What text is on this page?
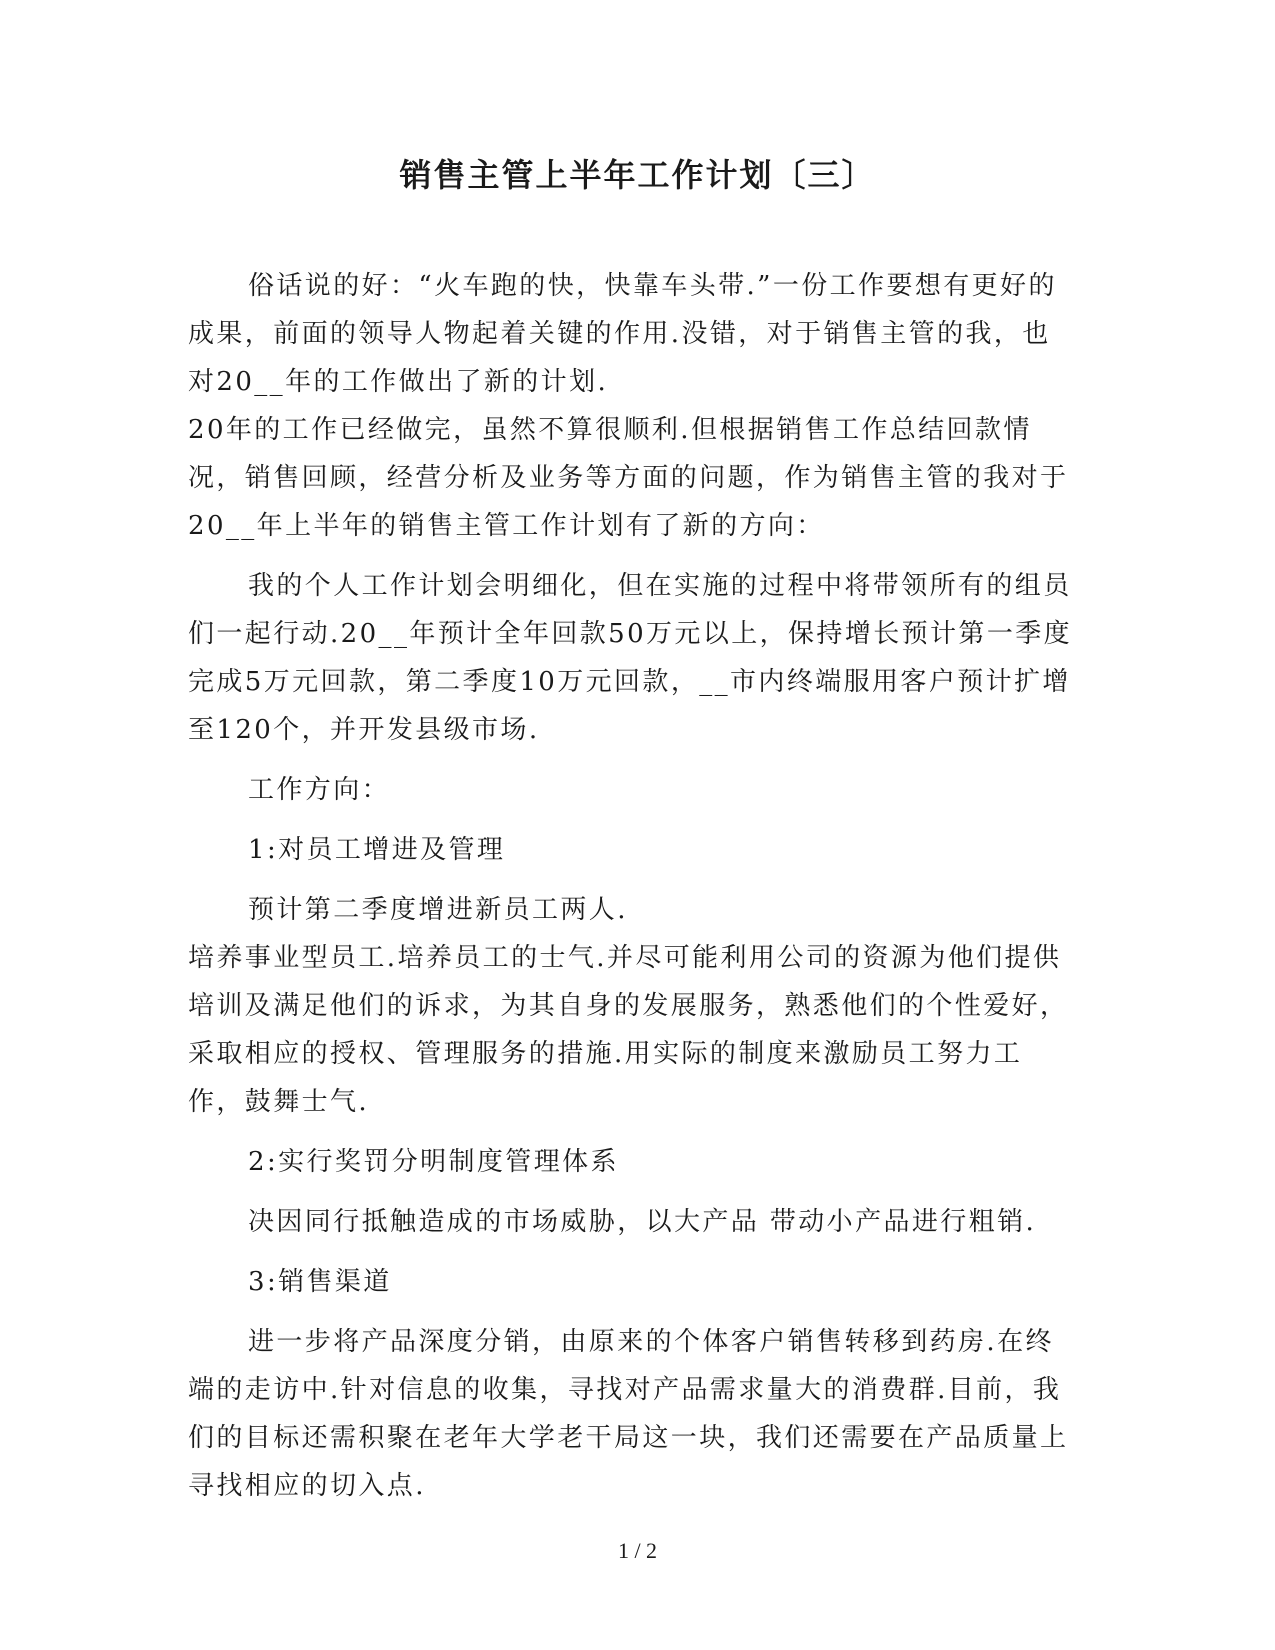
销售主管上半年工作计划〔三〕

俗话说的好：“火车跑的快，快靠车头带.”一份工作要想有更好的成果，前面的领导人物起着关键的作用.没错，对于销售主管的我，也对20__年的工作做出了新的计划.

20年的工作已经做完，虽然不算很顺利.但根据销售工作总结回款情况，销售回顾，经营分析及业务等方面的问题，作为销售主管的我对于20__年上半年的销售主管工作计划有了新的方向：

我的个人工作计划会明细化，但在实施的过程中将带领所有的组员们一起行动.20__年预计全年回款50万元以上，保持增长预计第一季度完成5万元回款，第二季度10万元回款，__市内终端服用客户预计扩增至120个，并开发县级市场.

工作方向：

1:对员工增进及管理

预计第二季度增进新员工两人.

培养事业型员工.培养员工的士气.并尽可能利用公司的资源为他们提供培训及满足他们的诉求，为其自身的发展服务，熟悉他们的个性爱好，采取相应的授权、管理服务的措施.用实际的制度来激励员工努力工作，鼓舞士气.

2:实行奖罚分明制度管理体系

决因同行抵触造成的市场威胁，以大产品 带动小产品进行粗销.

3:销售渠道

进一步将产品深度分销，由原来的个体客户销售转移到药房.在终端的走访中.针对信息的收集，寻找对产品需求量大的消费群.目前，我们的目标还需积聚在老年大学老干局这一块，我们还需要在产品质量上寻找相应的切入点.

1 / 2
